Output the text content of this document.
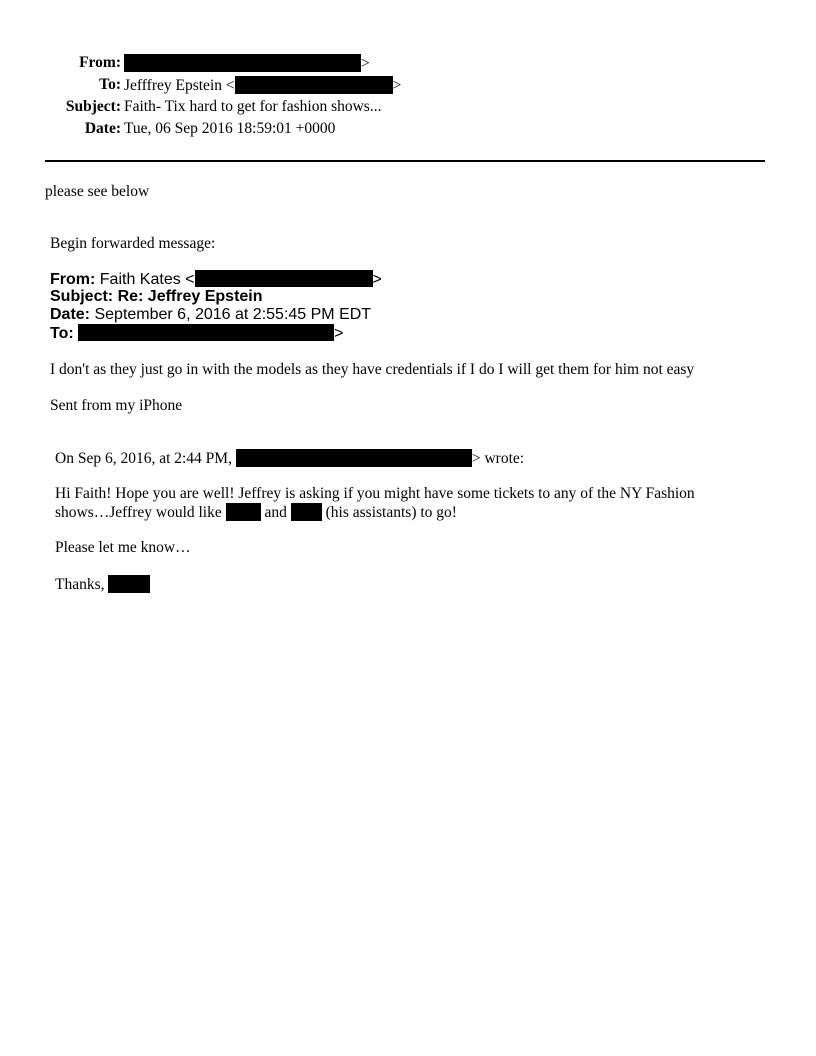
From:	>
To: Jefffrey Epstein <	>
Subject: Faith- Tix hard to get for fashion shows...
Date: Tue, 06 Sep 2016 18:59:01 +0000
please see below
Begin forwarded message:
From: Faith Kates <	>
Subject: Re: Jeffrey Epstein
Date: September 6, 2016 at 2:55:45 PM EDT
To:	>
I don't as they just go in with the models as they have credentials if I do I will get them for him not easy
Sent from my iPhone
On Sep 6, 2016, at 2:44 PM,	> wrote:
Hi Faith! Hope you are well! Jeffrey is asking if you might have some tickets to any of the NY Fashion
shows…Jeffrey would like	and	(his assistants) to go!
Please let me know…
Thanks,
